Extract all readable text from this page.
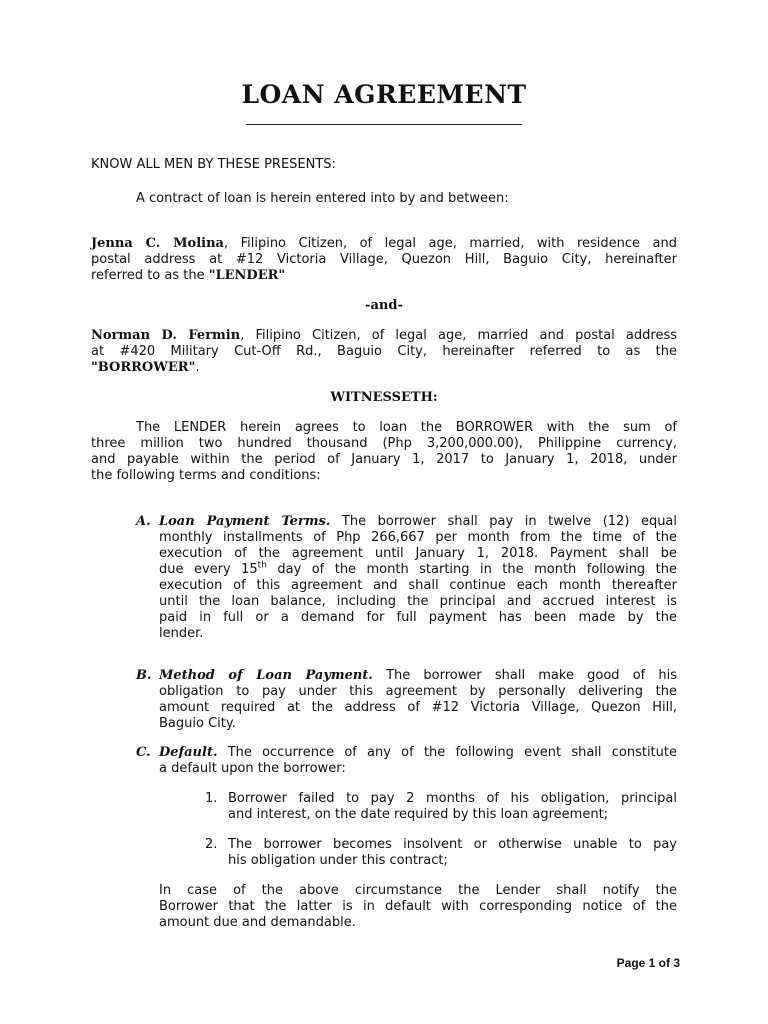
LOAN AGREEMENT
KNOW ALL MEN BY THESE PRESENTS:
A contract of loan is herein entered into by and between:
Jenna C. Molina, Filipino Citizen, of legal age, married, with residence and
postal address at #12 Victoria Village, Quezon Hill, Baguio City, hereinafter
referred to as the "LENDER"
-and-
Norman D. Fermin, Filipino Citizen, of legal age, married and postal address
at #420 Military Cut-Off Rd., Baguio City, hereinafter referred to as the
"BORROWER".
WITNESSETH:
The LENDER herein agrees to loan the BORROWER with the sum of
three million two hundred thousand (Php 3,200,000.00), Philippine currency,
and payable within the period of January 1, 2017 to January 1, 2018, under
the following terms and conditions:
A. Loan Payment Terms. The borrower shall pay in twelve (12) equal
monthly installments of Php 266,667 per month from the time of the
execution of the agreement until January 1, 2018. Payment shall be
due every 15th day of the month starting in the month following the
execution of this agreement and shall continue each month thereafter
until the loan balance, including the principal and accrued interest is
paid in full or a demand for full payment has been made by the
lender.
B. Method of Loan Payment. The borrower shall make good of his
obligation to pay under this agreement by personally delivering the
amount required at the address of #12 Victoria Village, Quezon Hill,
Baguio City.
C. Default. The occurrence of any of the following event shall constitute
a default upon the borrower:
1. Borrower failed to pay 2 months of his obligation, principal
and interest, on the date required by this loan agreement;
2. The borrower becomes insolvent or otherwise unable to pay
his obligation under this contract;
In case of the above circumstance the Lender shall notify the
Borrower that the latter is in default with corresponding notice of the
amount due and demandable.
Page 1 of 3
